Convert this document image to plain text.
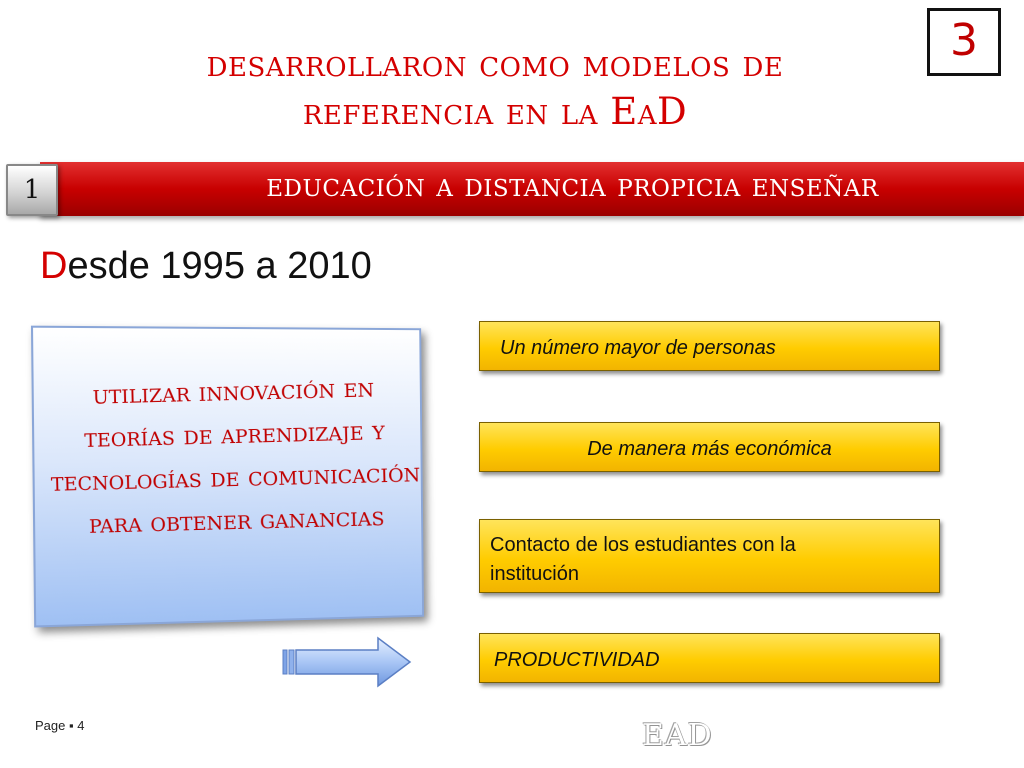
desarrollaron como modelos de
referencia en la EaD
3
educación a distancia propicia enseñar
1
Desde 1995 a 2010
utilizar innovación en teorías de aprendizaje y tecnologías de comunicación para obtener ganancias
Un número mayor de personas
De manera más económica
Contacto de los estudiantes con la institución
PRODUCTIVIDAD
Page ▪ 4	EAD
